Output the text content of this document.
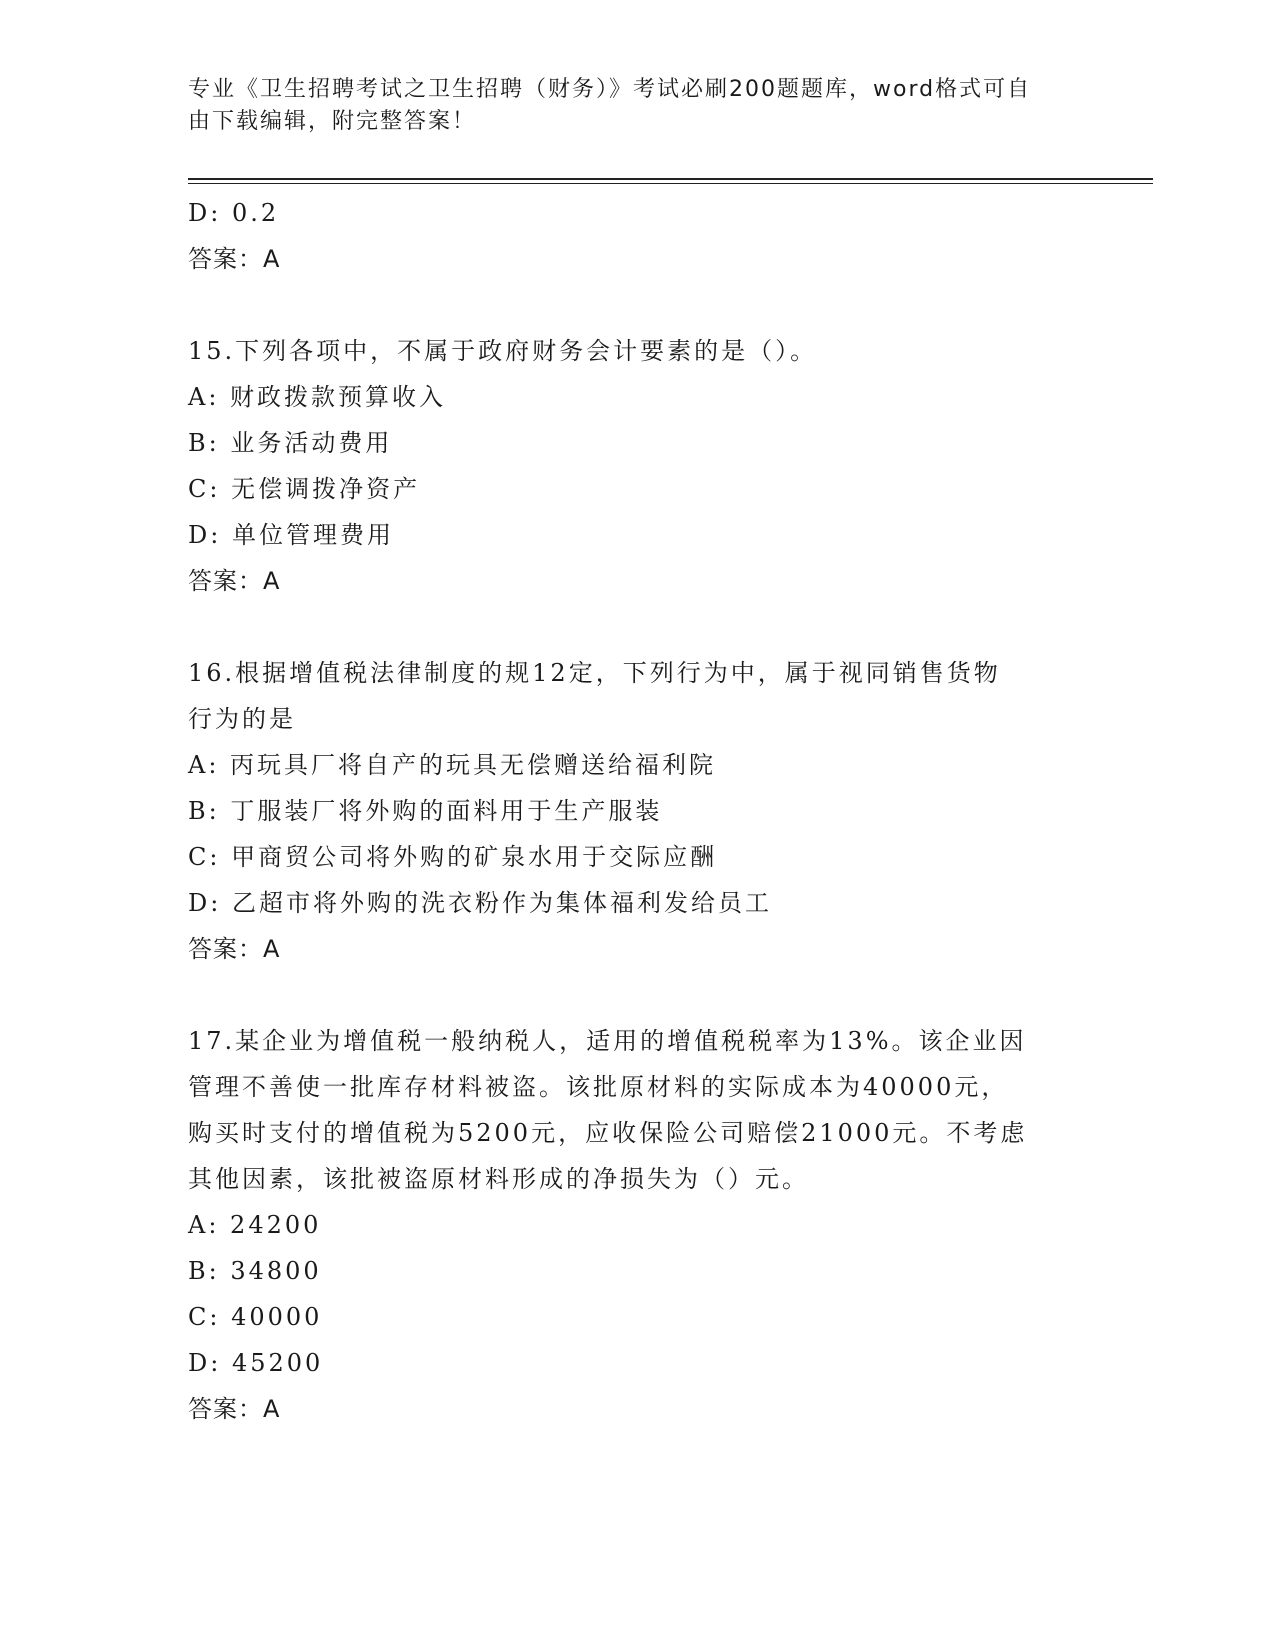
专业《卫生招聘考试之卫生招聘（财务）》考试必刷200题题库，word格式可自
由下载编辑，附完整答案！
D: 0.2
答案：A
15.下列各项中，不属于政府财务会计要素的是（）。
A: 财政拨款预算收入
B: 业务活动费用
C: 无偿调拨净资产
D: 单位管理费用
答案：A
16.根据增值税法律制度的规12定，下列行为中，属于视同销售货物
行为的是
A: 丙玩具厂将自产的玩具无偿赠送给福利院
B: 丁服装厂将外购的面料用于生产服装
C: 甲商贸公司将外购的矿泉水用于交际应酬
D: 乙超市将外购的洗衣粉作为集体福利发给员工
答案：A
17.某企业为增值税一般纳税人，适用的增值税税率为13%。该企业因
管理不善使一批库存材料被盗。该批原材料的实际成本为40000元，
购买时支付的增值税为5200元，应收保险公司赔偿21000元。不考虑
其他因素，该批被盗原材料形成的净损失为（）元。
A: 24200
B: 34800
C: 40000
D: 45200
答案：A
